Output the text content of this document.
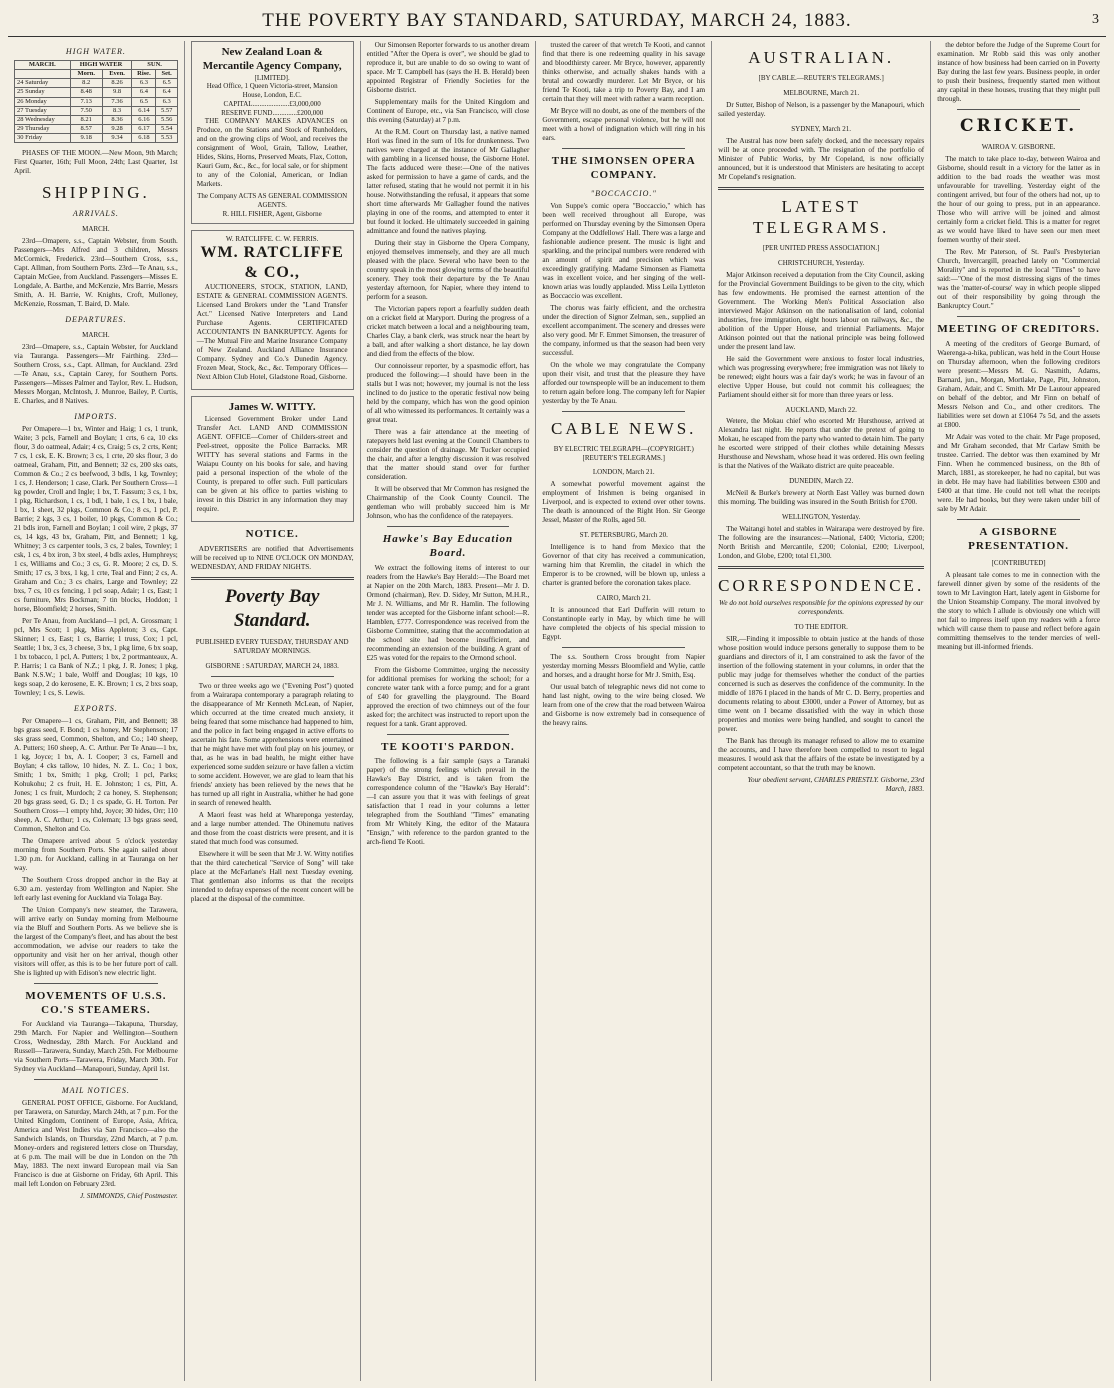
THE POVERTY BAY STANDARD, SATURDAY, MARCH 24, 1883.	3
HIGH WATER.
MARCH.	HIGH WATER		SUN.	
	Morn.	Even.	Rise.	Set.
24 Saturday	8.2	8.26	6.3	6.5
25 Sunday	8.48	9.8	6.4	6.4
26 Monday	7.13	7.36	6.5	6.3
27 Tuesday	7.50	8.3	6.14	5.57
28 Wednesday	8.21	8.36	6.16	5.56
29 Thursday	8.57	9.28	6.17	5.54
30 Friday	9.18	9.34	6.18	5.53

PHASES OF THE MOON.—New Moon, 9th March; First Quarter, 16th; Full Moon, 24th; Last Quarter, 1st April.

SHIPPING.
ARRIVALS.
MARCH.

23rd—Omapere, s.s., Captain Webster, from South. Passengers—Mrs Alfred and 3 children, Messrs McCormick, Frederick. 23rd—Southern Cross, s.s., Capt. Allman, from Southern Ports. 23rd—Te Anau, s.s., Captain McGee, from Auckland. Passengers—Misses E. Longdale, A. Barthe, and McKenzie, Mrs Barrie, Messrs Smith, A. H. Barrie, W. Knights, Croft, Mulloney, McKenzie, Rossman, T. Baird, D. Male.

DEPARTURES.
MARCH.

23rd—Omapere, s.s., Captain Webster, for Auckland via Tauranga. Passengers—Mr Fairthing. 23rd—Southern Cross, s.s., Capt. Allman, for Auckland. 23rd—Te Anau, s.s., Captain Carey, for Southern Ports. Passengers—Misses Palmer and Taylor, Rev. L. Hudson, Messrs Morgan, McIntosh, J. Munroe, Bailey, P. Curtis, E. Charles, and 8 Natives.

IMPORTS.

Per Omapere—1 bx, Winter and Haig; 1 cs, 1 trunk, Waite; 3 pcls, Farnell and Boylan; 1 crts, 6 ca, 10 cks flour, 3 do oatmeal, Adair; 4 cs, Craig; 5 cs, 2 crts, Kent; 7 cs, 1 csk, E. K. Brown; 3 cs, 1 crte, 20 sks flour, 3 do oatmeal, Graham, Pitt, and Bennett; 32 cs, 200 sks oats, Common & Co.; 2 cs beefwood, 3 bdls, 1 kg, Townley; 1 cs, J. Henderson; 1 case, Clark. Per Southern Cross—1 kg powder, Croll and Ingle; 1 bx, T. Fassum; 3 cs, 1 bx, 1 pkg, Richardson, 1 cs, 1 bdl, 1 bale, 1 cs, 1 bx, 1 bale, 1 bx, 1 sheet, 32 pkgs, Common & Co.; 8 cs, 1 pcl, P. Barrie; 2 kgs, 3 cs, 1 boiler, 10 pkgs, Common & Co.; 21 bdls iron, Farnell and Boylan; 1 coil wire, 2 pkgs, 37 cs, 14 kgs, 43 bx, Graham, Pitt, and Bennett; 1 kg, Whitney; 3 cs carpenter tools, 3 cs, 2 bales, Townley; 1 csk, 1 cs, 4 bx iron, 3 bx steel, 4 bdls axles, Humphreys; 1 cs, Williams and Co.; 3 cs, G. R. Moore; 2 cs, D. S. Smith; 17 cs, 3 bxs, 1 kg, 1 crte, Teal and Finn; 2 cs, A. Graham and Co.; 3 cs chairs, Large and Townley; 22 bxs, 7 cs, 10 cs fencing, 1 pcl soap, Adair; 1 cs, East; 1 cs furniture, Mrs Bockman; 7 tin blocks, Hoddon; 1 horse, Bloomfield; 2 horses, Smith.

Per Te Anau, from Auckland—1 pcl, A. Grossman; 1 pcl, Mrs Scott; 1 pkg, Miss Appleton; 3 cs, Capt. Skinner; 1 cs, East; 1 cs, Barrie; 1 truss, Cox; 1 pcl, Seattle; 1 bx, 3 cs, 3 cheese, 3 bx, 1 pkg lime, 6 bx soap, 1 bx tobacco, 1 pcl, A. Putters; 1 bx, 2 portmanteaux, A. P. Harris; 1 ca Bank of N.Z.; 1 pkg, J. R. Jones; 1 pkg, Bank N.S.W.; 1 bale, Wolff and Douglas; 10 kgs, 10 kegs soap, 2 do kerosene, E. K. Brown; 1 cs, 2 bxs soap, Townley; 1 cs, S. Lewis.

EXPORTS.

Per Omapere—1 cs, Graham, Pitt, and Bennett; 38 bgs grass seed, F. Bond; 1 cs honey, Mr Stephenson; 17 sks grass seed, Common, Shelton, and Co.; 140 sheep, A. Putters; 160 sheep, A. C. Arthur. Per Te Anau—1 bx, 1 kg, Joyce; 1 bx, A. I. Cooper; 3 cs, Farnell and Boylan; 4 cks tallow, 10 hides, N. Z. L. Co.; 1 box, Smith; 1 bx, Smith; 1 pkg, Croll; 1 pcl, Parks; Kohukohu; 2 cs fruit, H. E. Johnston; 1 cs, Pitt, A. Jones; 1 cs fruit, Murdoch; 2 ca honey, S. Stephenson; 20 bgs grass seed, G. D.; 1 cs spade, G. H. Torton. Per Southern Cross—1 empty hhd, Joyce; 30 hides, Orr; 110 sheep, A. C. Arthur; 1 cs, Coleman; 13 bgs grass seed, Common, Shelton and Co.

The Omapere arrived about 5 o'clock yesterday morning from Southern Ports. She again sailed about 1.30 p.m. for Auckland, calling in at Tauranga on her way.

The Southern Cross dropped anchor in the Bay at 6.30 a.m. yesterday from Wellington and Napier. She left early last evening for Auckland via Tolaga Bay.

The Union Company's new steamer, the Tarawera, will arrive early on Sunday morning from Melbourne via the Bluff and Southern Ports. As we believe she is the largest of the Company's fleet, and has about the best accommodation, we advise our readers to take the opportunity and visit her on her arrival, though other visitors will offer, as this is to be her future port of call. She is lighted up with Edison's new electric light.

MOVEMENTS OF U.S.S. CO.'S STEAMERS.

For Auckland via Tauranga—Takapuna, Thursday, 29th March. For Napier and Wellington—Southern Cross, Wednesday, 28th March. For Auckland and Russell—Tarawera, Sunday, March 25th. For Melbourne via Southern Ports—Tarawera, Friday, March 30th. For Sydney via Auckland—Manapouri, Sunday, April 1st.

MAIL NOTICES.

GENERAL POST OFFICE, Gisborne. For Auckland, per Tarawera, on Saturday, March 24th, at 7 p.m. For the United Kingdom, Continent of Europe, Asia, Africa, America and West Indies via San Francisco—also the Sandwich Islands, on Thursday, 22nd March, at 7 p.m. Money-orders and registered letters close on Thursday, at 6 p.m. The mail will be due in London on the 7th May, 1883. The next inward European mail via San Francisco is due at Gisborne on Friday, 6th April. This mail left London on February 23rd.

J. SIMMONDS, Chief Postmaster.

New Zealand Loan & Mercantile Agency Company,
[LIMITED].
Head Office, 1 Queen Victoria-street, Mansion House, London, E.C.
CAPITAL.....................£3,000,000
RESERVE FUND..............£200,000

THE COMPANY MAKES ADVANCES on Produce, on the Stations and Stock of Runholders, and on the growing clips of Wool, and receives the consignment of Wool, Grain, Tallow, Leather, Hides, Skins, Horns, Preserved Meats, Flax, Cotton, Kauri Gum, &c., &c., for local sale, or for shipment to any of the Colonial, American, or Indian Markets.

The Company ACTS AS GENERAL COMMISSION AGENTS.
R. HILL FISHER, Agent, Gisborne
W. RATCLIFFE. C. W. FERRIS.
WM. RATCLIFFE & CO.,

AUCTIONEERS, STOCK, STATION, LAND, ESTATE & GENERAL COMMISSION AGENTS. Licensed Land Brokers under the "Land Transfer Act." Licensed Native Interpreters and Land Purchase Agents. CERTIFICATED ACCOUNTANTS IN BANKRUPTCY. Agents for—The Mutual Fire and Marine Insurance Company of New Zealand. Auckland Alliance Insurance Company. Sydney and Co.'s Dunedin Agency. Frozen Meat, Stock, &c., &c. Temporary Offices—Next Albion Club Hotel, Gladstone Road, Gisborne.

James W. WITTY.

Licensed Government Broker under Land Transfer Act. LAND AND COMMISSION AGENT. OFFICE—Corner of Childers-street and Peel-street, opposite the Police Barracks. MR WITTY has several stations and Farms in the Waiapu County on his books for sale, and having paid a personal inspection of the whole of the County, is prepared to offer such. Full particulars can be given at his office to parties wishing to invest in this District in any information they may require.

NOTICE.

ADVERTISERS are notified that Advertisements will be received up to NINE O'CLOCK ON MONDAY, WEDNESDAY, AND FRIDAY NIGHTS.

Poverty Bay Standard.
PUBLISHED EVERY TUESDAY, THURSDAY AND SATURDAY MORNINGS.
GISBORNE : SATURDAY, MARCH 24, 1883.

Two or three weeks ago we ("Evening Post") quoted from a Wairarapa contemporary a paragraph relating to the disappearance of Mr Kenneth McLean, of Napier, which occurred at the time created much anxiety, it being feared that some mischance had happened to him, and the police in fact being engaged in active efforts to ascertain his fate. Some apprehensions were entertained that he might have met with foul play on his journey, or that, as he was in bad health, he might either have experienced some sudden seizure or have fallen a victim to some accident. However, we are glad to learn that his friends' anxiety has been relieved by the news that he has turned up all right in Australia, whither he had gone in search of renewed health.

A Maori feast was held at Whareponga yesterday, and a large number attended. The Ohinemutu natives and those from the coast districts were present, and it is stated that much food was consumed.

Elsewhere it will be seen that Mr J. W. Witty notifies that the third catechetical "Service of Song" will take place at the McFarlane's Hall next Tuesday evening. That gentleman also informs us that the receipts intended to defray expenses of the recent concert will be placed at the disposal of the committee.

Our Simonsen Reporter forwards to us another dream entitled "After the Opera is over", we should be glad to reproduce it, but are unable to do so owing to want of space. Mr T. Campbell has (says the H. B. Herald) been appointed Registrar of Friendly Societies for the Gisborne district.

Supplementary mails for the United Kingdom and Continent of Europe, etc., via San Francisco, will close this evening (Saturday) at 7 p.m.

At the R.M. Court on Thursday last, a native named Hori was fined in the sum of 10s for drunkenness. Two natives were charged at the instance of Mr Gallagher with gambling in a licensed house, the Gisborne Hotel. The facts adduced were these:—One of the natives asked for permission to have a game of cards, and the latter refused, stating that he would not permit it in his house. Notwithstanding the refusal, it appears that some short time afterwards Mr Gallagher found the natives playing in one of the rooms, and attempted to enter it but found it locked. He ultimately succeeded in gaining admittance and found the natives playing.

During their stay in Gisborne the Opera Company, enjoyed themselves immensely, and they are all much pleased with the place. Several who have been to the country speak in the most glowing terms of the beautiful scenery. They took their departure by the Te Anau yesterday afternoon, for Napier, where they intend to perform for a season.

The Victorian papers report a fearfully sudden death on a cricket field at Maryport. During the progress of a cricket match between a local and a neighbouring team, Charles Clay, a bank clerk, was struck near the heart by a ball, and after walking a short distance, he lay down and died from the effects of the blow.

Our connoisseur reporter, by a spasmodic effort, has produced the following:—I should have been in the stalls but I was not; however, my journal is not the less inclined to do justice to the operatic festival now being held by the company, which has won the good opinion of all who witnessed its performances. It certainly was a great treat.

There was a fair attendance at the meeting of ratepayers held last evening at the Council Chambers to consider the question of drainage. Mr Tucker occupied the chair, and after a lengthy discussion it was resolved that the matter should stand over for further consideration.

It will be observed that Mr Common has resigned the Chairmanship of the Cook County Council. The gentleman who will probably succeed him is Mr Johnson, who has the confidence of the ratepayers.

Hawke's Bay Education Board.

We extract the following items of interest to our readers from the Hawke's Bay Herald:—The Board met at Napier on the 20th March, 1883. Present—Mr J. D. Ormond (chairman), Rev. D. Sidey, Mr Sutton, M.H.R., Mr J. N. Williams, and Mr R. Hamlin. The following tender was accepted for the Gisborne infant school:—R. Hamblen, £777. Correspondence was received from the Gisborne Committee, stating that the accommodation at the school site had become insufficient, and recommending an extension of the building. A grant of £25 was voted for the repairs to the Ormond school.

From the Gisborne Committee, urging the necessity for additional premises for working the school; for a concrete water tank with a force pump; and for a grant of £40 for gravelling the playground. The Board approved the erection of two chimneys out of the four asked for; the architect was instructed to report upon the request for a tank. Grant approved.

TE KOOTI'S PARDON.

The following is a fair sample (says a Taranaki paper) of the strong feelings which prevail in the Hawke's Bay District, and is taken from the correspondence column of the "Hawke's Bay Herald":—I can assure you that it was with feelings of great satisfaction that I read in your columns a letter telegraphed from the Southland "Times" emanating from Mr Whitely King, the editor of the Mataura "Ensign," with reference to the pardon granted to the arch-fiend Te Kooti.

trusted the career of that wretch Te Kooti, and cannot find that there is one redeeming quality in his savage and bloodthirsty career. Mr Bryce, however, apparently thinks otherwise, and actually shakes hands with a brutal and cowardly murderer. Let Mr Bryce, or his friend Te Kooti, take a trip to Poverty Bay, and I am certain that they will meet with rather a warm reception.

Mr Bryce will no doubt, as one of the members of the Government, escape personal violence, but he will not meet with a howl of indignation which will ring in his ears.

THE SIMONSEN OPERA COMPANY.
"BOCCACCIO."

Von Suppe's comic opera "Boccaccio," which has been well received throughout all Europe, was performed on Thursday evening by the Simonsen Opera Company at the Oddfellows' Hall. There was a large and fashionable audience present. The music is light and sparkling, and the principal numbers were rendered with an amount of spirit and precision which was exceedingly gratifying. Madame Simonsen as Fiametta was in excellent voice, and her singing of the well-known arias was loudly applauded. Miss Leila Lyttleton as Boccaccio was excellent.

The chorus was fairly efficient, and the orchestra under the direction of Signor Zelman, sen., supplied an excellent accompaniment. The scenery and dresses were also very good. Mr F. Emmet Simonsen, the treasurer of the company, informed us that the season had been very successful.

On the whole we may congratulate the Company upon their visit, and trust that the pleasure they have afforded our townspeople will be an inducement to them to return again before long. The company left for Napier yesterday by the Te Anau.

CABLE NEWS.
BY ELECTRIC TELEGRAPH—(COPYRIGHT.) [REUTER'S TELEGRAMS.]
LONDON, March 21.

A somewhat powerful movement against the employment of Irishmen is being organised in Liverpool, and is expected to extend over other towns. The death is announced of the Right Hon. Sir George Jessel, Master of the Rolls, aged 50.

ST. PETERSBURG, March 20.

Intelligence is to hand from Mexico that the Governor of that city has received a communication, warning him that Kremlin, the citadel in which the Emperor is to be crowned, will be blown up, unless a charter is granted before the coronation takes place.

CAIRO, March 21.

It is announced that Earl Dufferin will return to Constantinople early in May, by which time he will have completed the objects of his special mission to Egypt.

The s.s. Southern Cross brought from Napier yesterday morning Messrs Bloomfield and Wylie, cattle and horses, and a draught horse for Mr J. Smith, Esq.

Our usual batch of telegraphic news did not come to hand last night, owing to the wire being closed. We learn from one of the crew that the road between Wairoa and Gisborne is now extremely bad in consequence of the heavy rains.

AUSTRALIAN.
[BY CABLE.—REUTER'S TELEGRAMS.]
MELBOURNE, March 21.

Dr Sutter, Bishop of Nelson, is a passenger by the Manapouri, which sailed yesterday.

SYDNEY, March 21.

The Austral has now been safely docked, and the necessary repairs will be at once proceeded with. The resignation of the portfolio of Minister of Public Works, by Mr Copeland, is now officially announced, but it is understood that Ministers are hesitating to accept Mr Copeland's resignation.

LATEST TELEGRAMS.
[PER UNITED PRESS ASSOCIATION.]
CHRISTCHURCH, Yesterday.

Major Atkinson received a deputation from the City Council, asking for the Provincial Government Buildings to be given to the city, which has few endowments. He promised the earnest attention of the Government. The Working Men's Political Association also interviewed Major Atkinson on the nationalisation of land, colonial industries, free immigration, eight hours labour on railways, &c., the abolition of the Upper House, and triennial Parliaments. Major Atkinson pointed out that the national principle was being followed under the present land law.

He said the Government were anxious to foster local industries, which was progressing everywhere; free immigration was not likely to be renewed; eight hours was a fair day's work; he was in favour of an elective Upper House, but could not commit his colleagues; the Parliament should either sit for more than three years or less.

AUCKLAND, March 22.

Wetere, the Mokau chief who escorted Mr Hursthouse, arrived at Alexandra last night. He reports that under the pretext of going to Mokau, he escaped from the party who wanted to detain him. The party he escorted were stripped of their clothes while detaining Messrs Hursthouse and Newsham, whose head it was ordered. His own feeling is that the Natives of the Waikato district are quite peaceable.

DUNEDIN, March 22.

McNeil & Burke's brewery at North East Valley was burned down this morning. The building was insured in the South British for £700.

WELLINGTON, Yesterday.

The Waitangi hotel and stables in Wairarapa were destroyed by fire. The following are the insurances:—National, £400; Victoria, £200; North British and Mercantile, £200; Colonial, £200; Liverpool, London, and Globe, £200; total £1,300.

CORRESPONDENCE.

We do not hold ourselves responsible for the opinions expressed by our correspondents.

TO THE EDITOR.

SIR,—Finding it impossible to obtain justice at the hands of those whose position would induce persons generally to suppose them to be guardians and directors of it, I am constrained to ask the favor of the insertion of the following statement in your columns, in order that the public may judge for themselves whether the conduct of the parties concerned is such as deserves the confidence of the community. In the middle of 1876 I placed in the hands of Mr C. D. Berry, properties and documents relating to about £3000, under a Power of Attorney, but as time went on I became dissatisfied with the way in which those properties and monies were being handled, and sought to cancel the power.

The Bank has through its manager refused to allow me to examine the accounts, and I have therefore been compelled to resort to legal measures. I would ask that the affairs of the estate be investigated by a competent accountant, so that the truth may be known.

Your obedient servant, CHARLES PRIESTLY. Gisborne, 23rd March, 1883.

the debtor before the Judge of the Supreme Court for examination. Mr Robb said this was only another instance of how business had been carried on in Poverty Bay during the last few years. Business people, in order to push their business, frequently started men without any capital in these houses, trusting that they might pull through.

CRICKET.
WAIROA V. GISBORNE.

The match to take place to-day, between Wairoa and Gisborne, should result in a victory for the latter as in addition to the bad roads the weather was most unfavourable for travelling. Yesterday eight of the contingent arrived, but four of the others had not, up to the hour of our going to press, put in an appearance. Those who will arrive will be joined and almost certainly form a cricket field. This is a matter for regret as we would have liked to have seen our men meet foemen worthy of their steel.

The Rev. Mr Paterson, of St. Paul's Presbyterian Church, Invercargill, preached lately on "Commercial Morality" and is reported in the local "Times" to have said:—"One of the most distressing signs of the times was the 'matter-of-course' way in which people slipped out of their responsibility by going through the Bankruptcy Court."

MEETING OF CREDITORS.

A meeting of the creditors of George Burnard, of Waerenga-a-hika, publican, was held in the Court House on Thursday afternoon, when the following creditors were present:—Messrs M. G. Nasmith, Adams, Barnard, jun., Morgan, Mortlake, Page, Pitt, Johnston, Graham, Adair, and C. Smith. Mr De Lautour appeared on behalf of the debtor, and Mr Finn on behalf of Messrs Nelson and Co., and other creditors. The liabilities were set down at £1064 7s 5d, and the assets at £800.

Mr Adair was voted to the chair. Mr Page proposed, and Mr Graham seconded, that Mr Carlaw Smith be trustee. Carried. The debtor was then examined by Mr Finn. When he commenced business, on the 8th of March, 1881, as storekeeper, he had no capital, but was in debt. He may have had liabilities between £300 and £400 at that time. He could not tell what the receipts were. He had books, but they were taken under bill of sale by Mr Adair.

A GISBORNE PRESENTATION.
[CONTRIBUTED]

A pleasant tale comes to me in connection with the farewell dinner given by some of the residents of the town to Mr Lavington Hart, lately agent in Gisborne for the Union Steamship Company. The moral involved by the story to which I allude is obviously one which will not fail to impress itself upon my readers with a force which will cause them to pause and reflect before again committing themselves to the tender mercies of well-meaning but ill-informed friends.
